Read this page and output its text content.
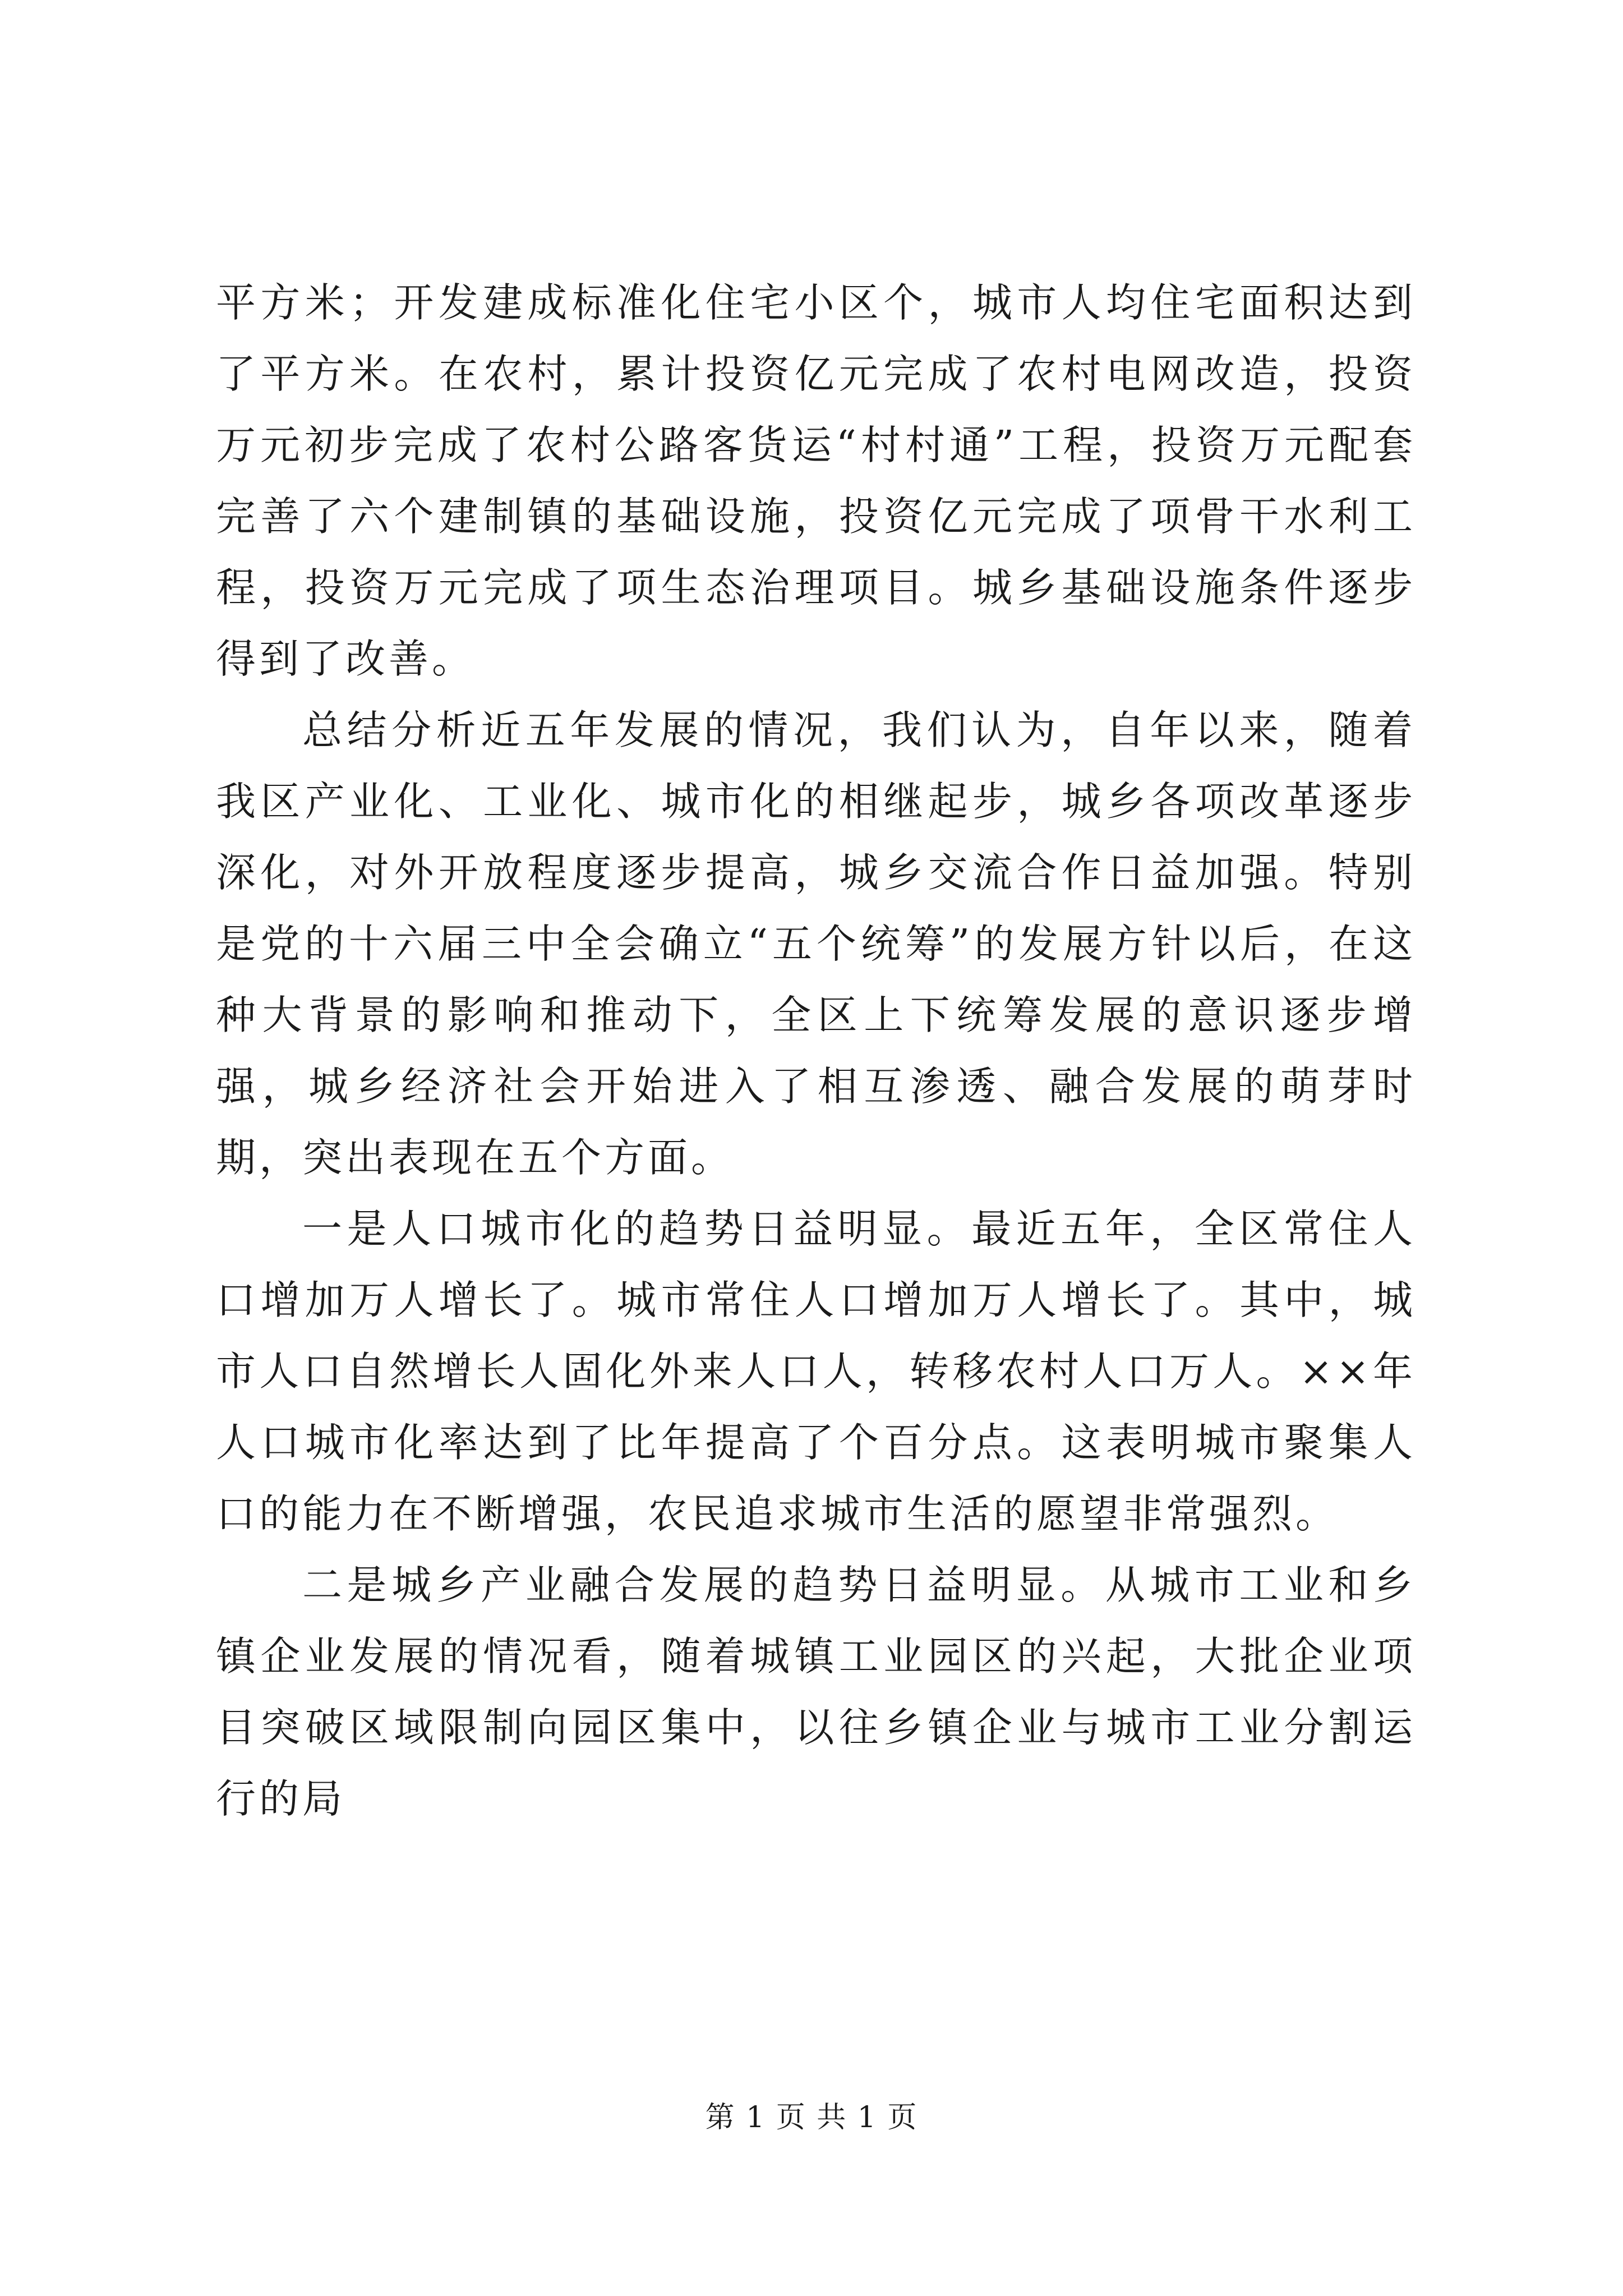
平方米；开发建成标准化住宅小区个，城市人均住宅面积达到了平方米。在农村，累计投资亿元完成了农村电网改造，投资万元初步完成了农村公路客货运“村村通”工程，投资万元配套完善了六个建制镇的基础设施，投资亿元完成了项骨干水利工程，投资万元完成了项生态治理项目。城乡基础设施条件逐步得到了改善。

总结分析近五年发展的情况，我们认为，自年以来，随着我区产业化、工业化、城市化的相继起步，城乡各项改革逐步深化，对外开放程度逐步提高，城乡交流合作日益加强。特别是党的十六届三中全会确立“五个统筹”的发展方针以后，在这种大背景的影响和推动下，全区上下统筹发展的意识逐步增强，城乡经济社会开始进入了相互渗透、融合发展的萌芽时期，突出表现在五个方面。

一是人口城市化的趋势日益明显。最近五年，全区常住人口增加万人增长了。城市常住人口增加万人增长了。其中，城市人口自然增长人固化外来人口人，转移农村人口万人。××年人口城市化率达到了比年提高了个百分点。这表明城市聚集人口的能力在不断增强，农民追求城市生活的愿望非常强烈。

二是城乡产业融合发展的趋势日益明显。从城市工业和乡镇企业发展的情况看，随着城镇工业园区的兴起，大批企业项目突破区域限制向园区集中，以往乡镇企业与城市工业分割运行的局

第 1 页 共 1 页
